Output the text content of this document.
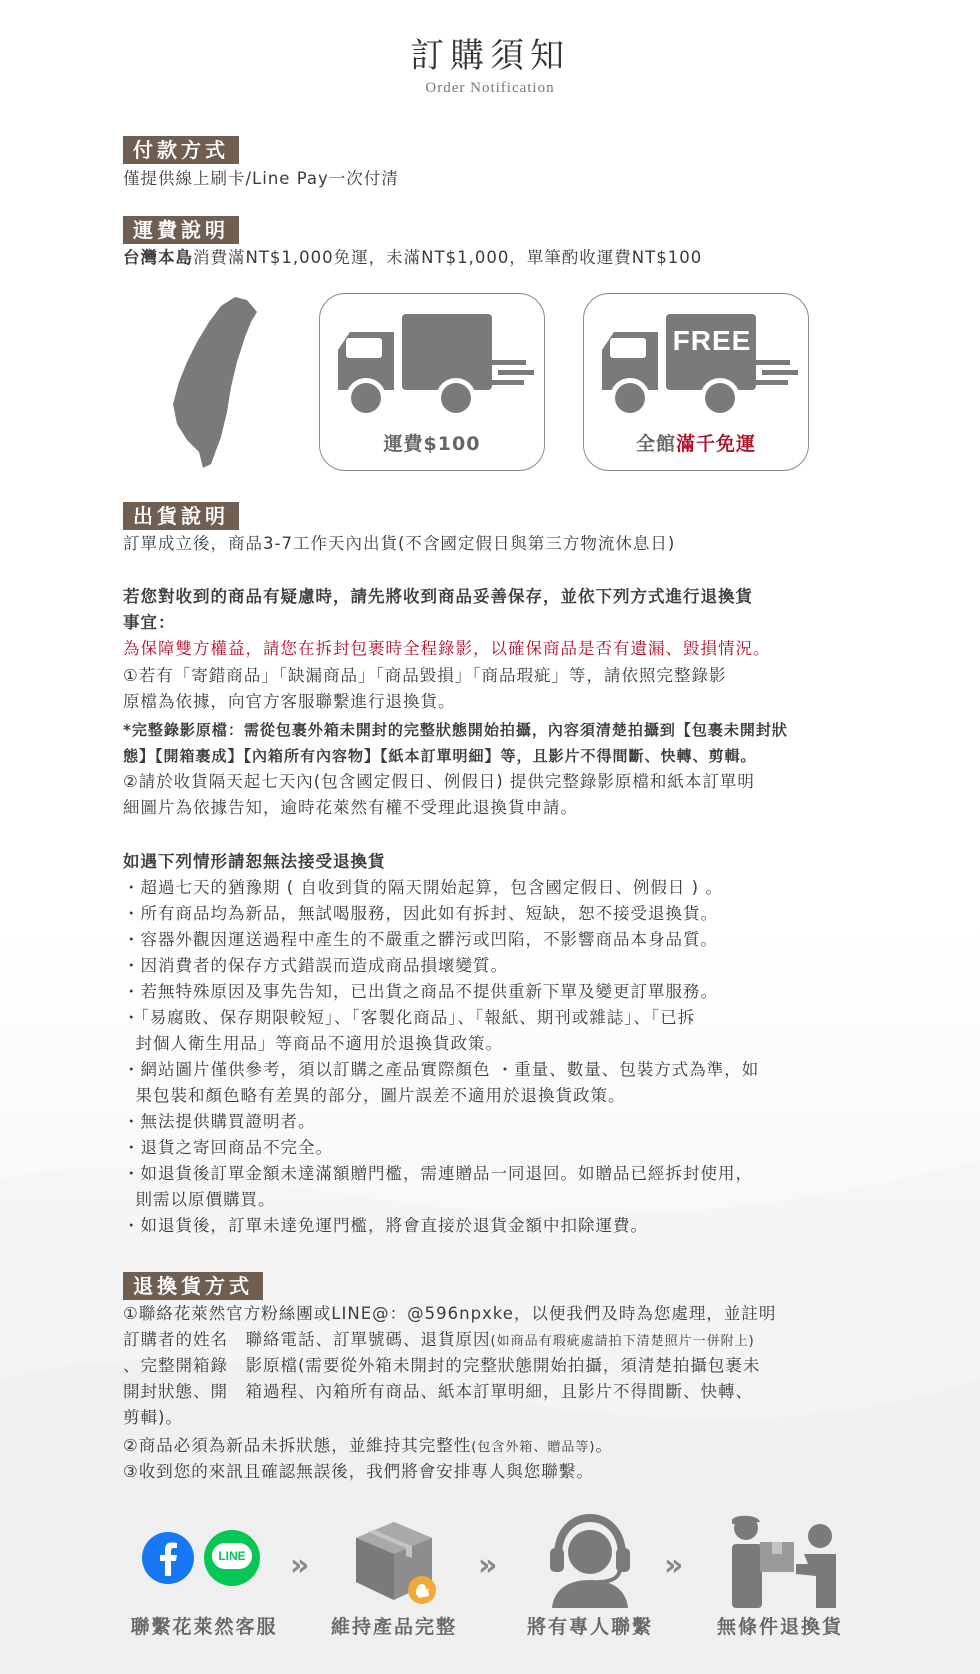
訂購須知
Order Notification
付款方式
僅提供線上刷卡/Line Pay一次付清
運費說明
台灣本島消費滿NT$1,000免運，未滿NT$1,000，單筆酌收運費NT$100
運費$100
FREE
全館滿千免運
出貨說明
訂單成立後，商品3-7工作天內出貨(不含國定假日與第三方物流休息日)
若您對收到的商品有疑慮時，請先將收到商品妥善保存，並依下列方式進行退換貨
事宜：
為保障雙方權益，請您在拆封包裹時全程錄影，以確保商品是否有遺漏、毀損情況。
①若有「寄錯商品」「缺漏商品」「商品毀損」「商品瑕疵」等，請依照完整錄影
原檔為依據，向官方客服聯繫進行退換貨。
*完整錄影原檔：需從包裹外箱未開封的完整狀態開始拍攝，內容須清楚拍攝到【包裹未開封狀
態】【開箱裹成】【內箱所有內容物】【紙本訂單明細】等，且影片不得間斷、快轉、剪輯。
②請於收貨隔天起七天內(包含國定假日、例假日) 提供完整錄影原檔和紙本訂單明
細圖片為依據告知，逾時花萊然有權不受理此退換貨申請。
如遇下列情形請恕無法接受退換貨
・超過七天的猶豫期 ( 自收到貨的隔天開始起算，包含國定假日、例假日 ) 。
・所有商品均為新品，無試喝服務，因此如有拆封、短缺，恕不接受退換貨。
・容器外觀因運送過程中產生的不嚴重之髒污或凹陷，不影響商品本身品質。
・因消費者的保存方式錯誤而造成商品損壞變質。
・若無特殊原因及事先告知，已出貨之商品不提供重新下單及變更訂單服務。
・「易腐敗、保存期限較短」、「客製化商品」、「報紙、期刊或雜誌」、「已拆
封個人衛生用品」等商品不適用於退換貨政策。
・網站圖片僅供參考，須以訂購之產品實際顏色 ・重量、數量、包裝方式為準，如
果包裝和顏色略有差異的部分，圖片誤差不適用於退換貨政策。
・無法提供購買證明者。
・退貨之寄回商品不完全。
・如退貨後訂單金額未達滿額贈門檻，需連贈品一同退回。如贈品已經拆封使用，
則需以原價購買。
・如退貨後，訂單未達免運門檻，將會直接於退貨金額中扣除運費。
退換貨方式
①聯絡花萊然官方粉絲團或LINE@：@596npxke，以便我們及時為您處理，並註明
訂購者的姓名　聯絡電話、訂單號碼、退貨原因(如商品有瑕疵處請拍下清楚照片一併附上)
、完整開箱錄　影原檔(需要從外箱未開封的完整狀態開始拍攝，須清楚拍攝包裹未
開封狀態、開　箱過程、內箱所有商品、紙本訂單明細，且影片不得間斷、快轉、
剪輯)。
②商品必須為新品未拆狀態，並維持其完整性(包含外箱、贈品等)。
③收到您的來訊且確認無誤後，我們將會安排專人與您聯繫。
LINE »	»	»
聯繫花萊然客服	維持產品完整	將有專人聯繫	無條件退換貨
